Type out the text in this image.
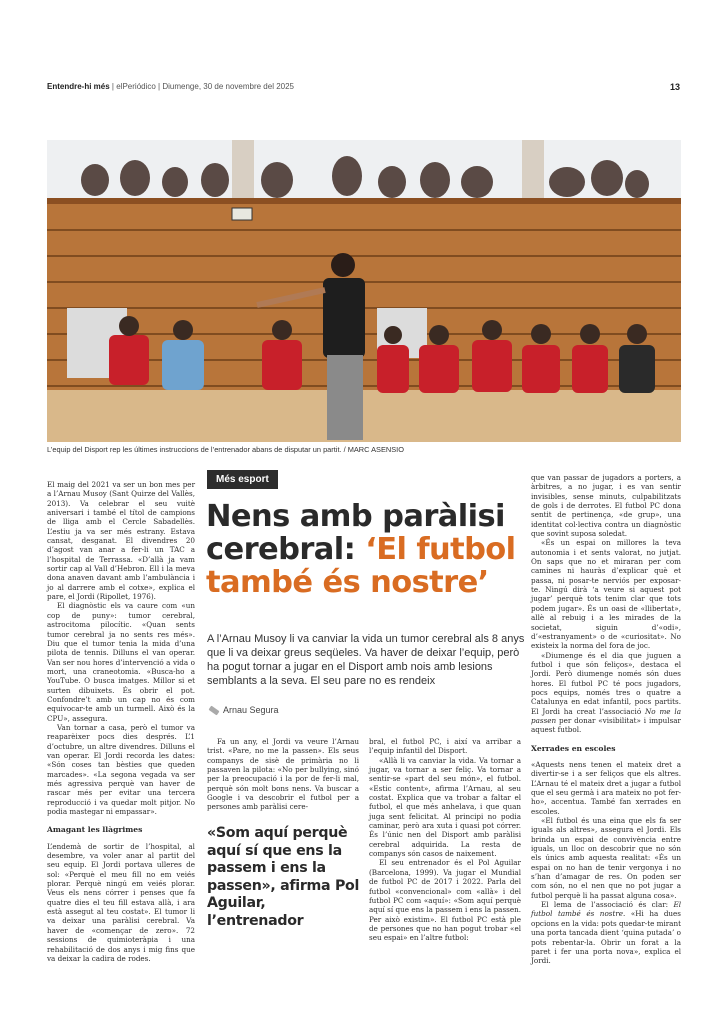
Entendre-hi més | elPeriódico | Diumenge, 30 de novembre del 2025	13
L’equip del Disport rep les últimes instruccions de l’entrenador abans de disputar un partit. / MARC ASENSIO

El maig del 2021 va ser un bon mes per a l’Arnau Musoy (Sant Quirze del Vallès, 2013). Va celebrar el seu vuitè aniversari i també el títol de campions de lliga amb el Cercle Sabadellès. L’estiu ja va ser més estrany. Estava cansat, desganat. El divendres 20 d’agost van anar a fer-li un TAC a l’hospital de Terrassa. «D’allà ja vam sortir cap al Vall d’Hebron. Ell i la meva dona anaven davant amb l’ambulància i jo al darrere amb el cotxe», explica el pare, el Jordi (Ripollet, 1976).

El diagnòstic els va caure com «un cop de puny»: tumor cerebral, astrocitoma pilocític. «Quan sents tumor cerebral ja no sents res més». Diu que el tumor tenia la mida d’una pilota de tennis. Dilluns el van operar. Van ser nou hores d’intervenció a vida o mort, una craneotomia. «Busca-ho a YouTube. O busca imatges. Millor si et surten dibuixets. És obrir el pot. Confondre’t amb un cap no és com equivocar-te amb un turmell. Això és la CPU», assegura.

Van tornar a casa, però el tumor va reaparèixer pocs dies després. L’1 d’octubre, un altre divendres. Dilluns el van operar. El Jordi recorda les dates: «Són coses tan bèsties que queden marcades». «La segona vegada va ser més agressiva perquè van haver de rascar més per evitar una tercera reproducció i va quedar molt pitjor. No podia mastegar ni empassar».

Amagant les llàgrimes

L’endemà de sortir de l’hospital, al desembre, va voler anar al partit del seu equip. El Jordi portava ulleres de sol: «Perquè el meu fill no em veiés plorar. Perquè ningú em veiés plorar. Veus els nens córrer i penses que fa quatre dies el teu fill estava allà, i ara està assegut al teu costat». El tumor li va deixar una paràlisi cerebral. Va haver de «començar de zero». 72 sessions de quimioteràpia i una rehabilitació de dos anys i mig fins que va deixar la cadira de rodes.

Més esport
Nens amb paràlisi cerebral: ‘El futbol també és nostre’
A l’Arnau Musoy li va canviar la vida un tumor cerebral als 8 anys que li va deixar greus seqüeles. Va haver de deixar l’equip, però ha pogut tornar a jugar en el Disport amb nois amb lesions semblants a la seva. El seu pare no es rendeix
Arnau Segura

Fa un any, el Jordi va veure l’Arnau trist. «Pare, no me la passen». Els seus companys de sisè de primària no li passaven la pilota: «No per bullying, sinó per la preocupació i la por de fer-li mal, perquè són molt bons nens. Va buscar a Google i va descobrir el futbol per a persones amb paràlisi cere-

«Som aquí perquè aquí sí que ens la passem i ens la passen», afirma Pol Aguilar, l’entrenador

bral, el futbol PC, i així va arribar a l’equip infantil del Disport.

«Allà li va canviar la vida. Va tornar a jugar, va tornar a ser feliç. Va tornar a sentir-se «part del seu món», el futbol. «Estic content», afirma l’Arnau, al seu costat. Explica que va trobar a faltar el futbol, el que més anhelava, i que quan juga sent felicitat. Al principi no podia caminar, però ara xuta i quasi pot córrer. És l’únic nen del Disport amb paràlisi cerebral adquirida. La resta de companys són casos de naixement.

El seu entrenador és el Pol Aguilar (Barcelona, 1999). Va jugar el Mundial de futbol PC de 2017 i 2022. Parla del futbol «convencional» com «allà» i del futbol PC com «aquí»: «Som aquí perquè aquí sí que ens la passem i ens la passen. Per això existim». El futbol PC està ple de persones que no han pogut trobar «el seu espai» en l’altre futbol:

que van passar de jugadors a porters, a àrbitres, a no jugar, i es van sentir invisibles, sense minuts, culpabilitzats de gols i de derrotes. El futbol PC dona sentit de pertinença, «de grup», una identitat col·lectiva contra un diagnòstic que sovint suposa soledat.

«És un espai on millores la teva autonomia i et sents valorat, no jutjat. On saps que no et miraran per com camines ni hauràs d’explicar què et passa, ni posar-te nerviós per exposar-te. Ningú dirà ‘a veure si aquest pot jugar’ perquè tots tenim clar que tots podem jugar». És un oasi de «llibertat», allè al rebuig i a les mirades de la societat, siguin d’«odi», d’«estranyament» o de «curiositat». No existeix la norma del fora de joc.

«Diumenge és el dia que juguen a futbol i que són feliços», destaca el Jordi. Però diumenge només són dues hores. El futbol PC té pocs jugadors, pocs equips, només tres o quatre a Catalunya en edat infantil, pocs partits. El Jordi ha creat l’associació No me la passen per donar «visibilitat» i impulsar aquest futbol.

Xerrades en escoles

«Aquests nens tenen el mateix dret a divertir-se i a ser feliços que els altres. L’Arnau té el mateix dret a jugar a futbol que el seu germà i ara mateix no pot fer-ho», accentua. També fan xerrades en escoles.

«El futbol és una eina que els fa ser iguals als altres», assegura el Jordi. Els brinda un espai de convivència entre iguals, un lloc on descobrir que no són els únics amb aquesta realitat: «És un espai on no han de tenir vergonya i no s’han d’amagar de res. On poden ser com són, no el nen que no pot jugar a futbol perquè li ha passat alguna cosa».

El lema de l’associació és clar: El futbol també és nostre. «Hi ha dues opcions en la vida: pots quedar-te mirant una porta tancada dient ‘quina putada’ o pots rebentar-la. Obrir un forat a la paret i fer una porta nova», explica el Jordi.
